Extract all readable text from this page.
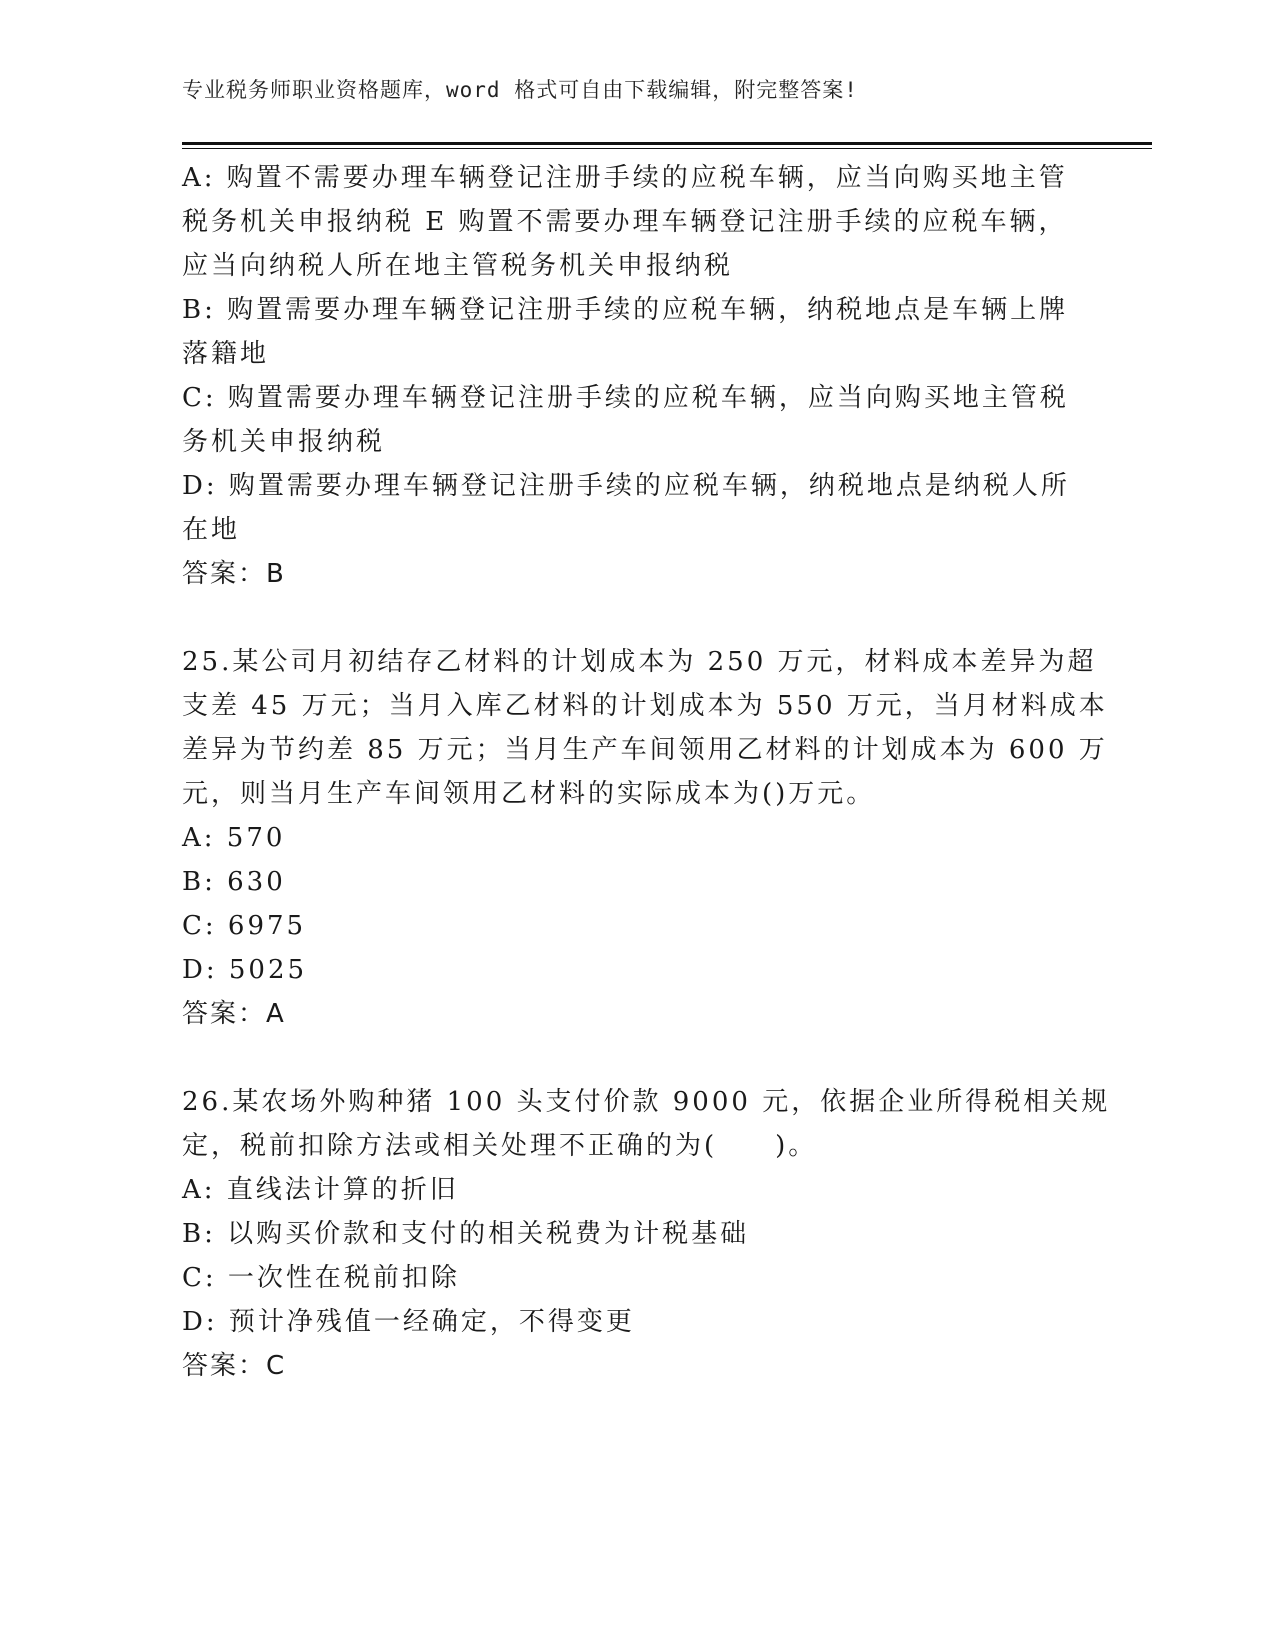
专业税务师职业资格题库，word 格式可自由下载编辑，附完整答案!

A: 购置不需要办理车辆登记注册手续的应税车辆，应当向购买地主管

税务机关申报纳税 E 购置不需要办理车辆登记注册手续的应税车辆，

应当向纳税人所在地主管税务机关申报纳税

B: 购置需要办理车辆登记注册手续的应税车辆，纳税地点是车辆上牌

落籍地

C: 购置需要办理车辆登记注册手续的应税车辆，应当向购买地主管税

务机关申报纳税

D: 购置需要办理车辆登记注册手续的应税车辆，纳税地点是纳税人所

在地

答案：B

25.某公司月初结存乙材料的计划成本为 250 万元，材料成本差异为超

支差 45 万元；当月入库乙材料的计划成本为 550 万元，当月材料成本

差异为节约差 85 万元；当月生产车间领用乙材料的计划成本为 600 万

元，则当月生产车间领用乙材料的实际成本为()万元。

A: 570

B: 630

C: 6975

D: 5025

答案：A

26.某农场外购种猪 100 头支付价款 9000 元，依据企业所得税相关规

定，税前扣除方法或相关处理不正确的为(　　)。

A: 直线法计算的折旧

B: 以购买价款和支付的相关税费为计税基础

C: 一次性在税前扣除

D: 预计净残值一经确定，不得变更

答案：C
